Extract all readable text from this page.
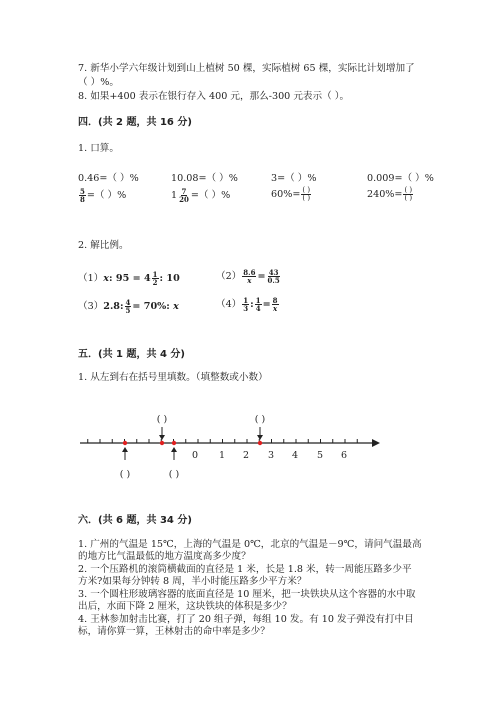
7. 新华小学六年级计划到山上植树 50 棵，实际植树 65 棵，实际比计划增加了
（ ）%。
8. 如果+400 表示在银行存入 400 元，那么-300 元表示（ ）。
四．(共 2 题，共 16 分)
1. 口算。
0.46=（ ）%	10.08=（ ）%	3=（ ）%	0.009=（ ）%
$\frac{5}{8}$ =（ ）%	$1 \frac{7}{20}$ =（ ）%	$60\%= \frac{( )}{( )}$	$240\%= \frac{( )}{( )}$
2. 解比例。
（1）x: $95 = 4 \frac{1}{2}$ : 10	$(2) \frac{8.6}{x} = \frac{43}{0.5}$
（3）2.8: $\frac{4}{5} = 70\%$: x	$(4) \frac{1}{3}$ : $\frac{1}{4} = \frac{8}{x}$
五．(共 1 题，共 4 分)
1. 从左到右在括号里填数。（填整数或小数）
0 1 2 3 4 5 6
( )	( )
( )	( )
六．(共 6 题，共 34 分)
1. 广州的气温是 15℃，上海的气温是 0℃，北京的气温是－9℃，请问气温最高
的地方比气温最低的地方温度高多少度？
2. 一个压路机的滚筒横截面的直径是 1 米，长是 1.8 米，转一周能压路多少平
方米?如果每分钟转 8 周，半小时能压路多少平方米？
3. 一个圆柱形玻璃容器的底面直径是 10 厘米，把一块铁块从这个容器的水中取
出后，水面下降 2 厘米，这块铁块的体积是多少？
4. 王林参加射击比赛，打了 20 组子弹，每组 10 发。有 10 发子弹没有打中目
标，请你算一算，王林射击的命中率是多少？
